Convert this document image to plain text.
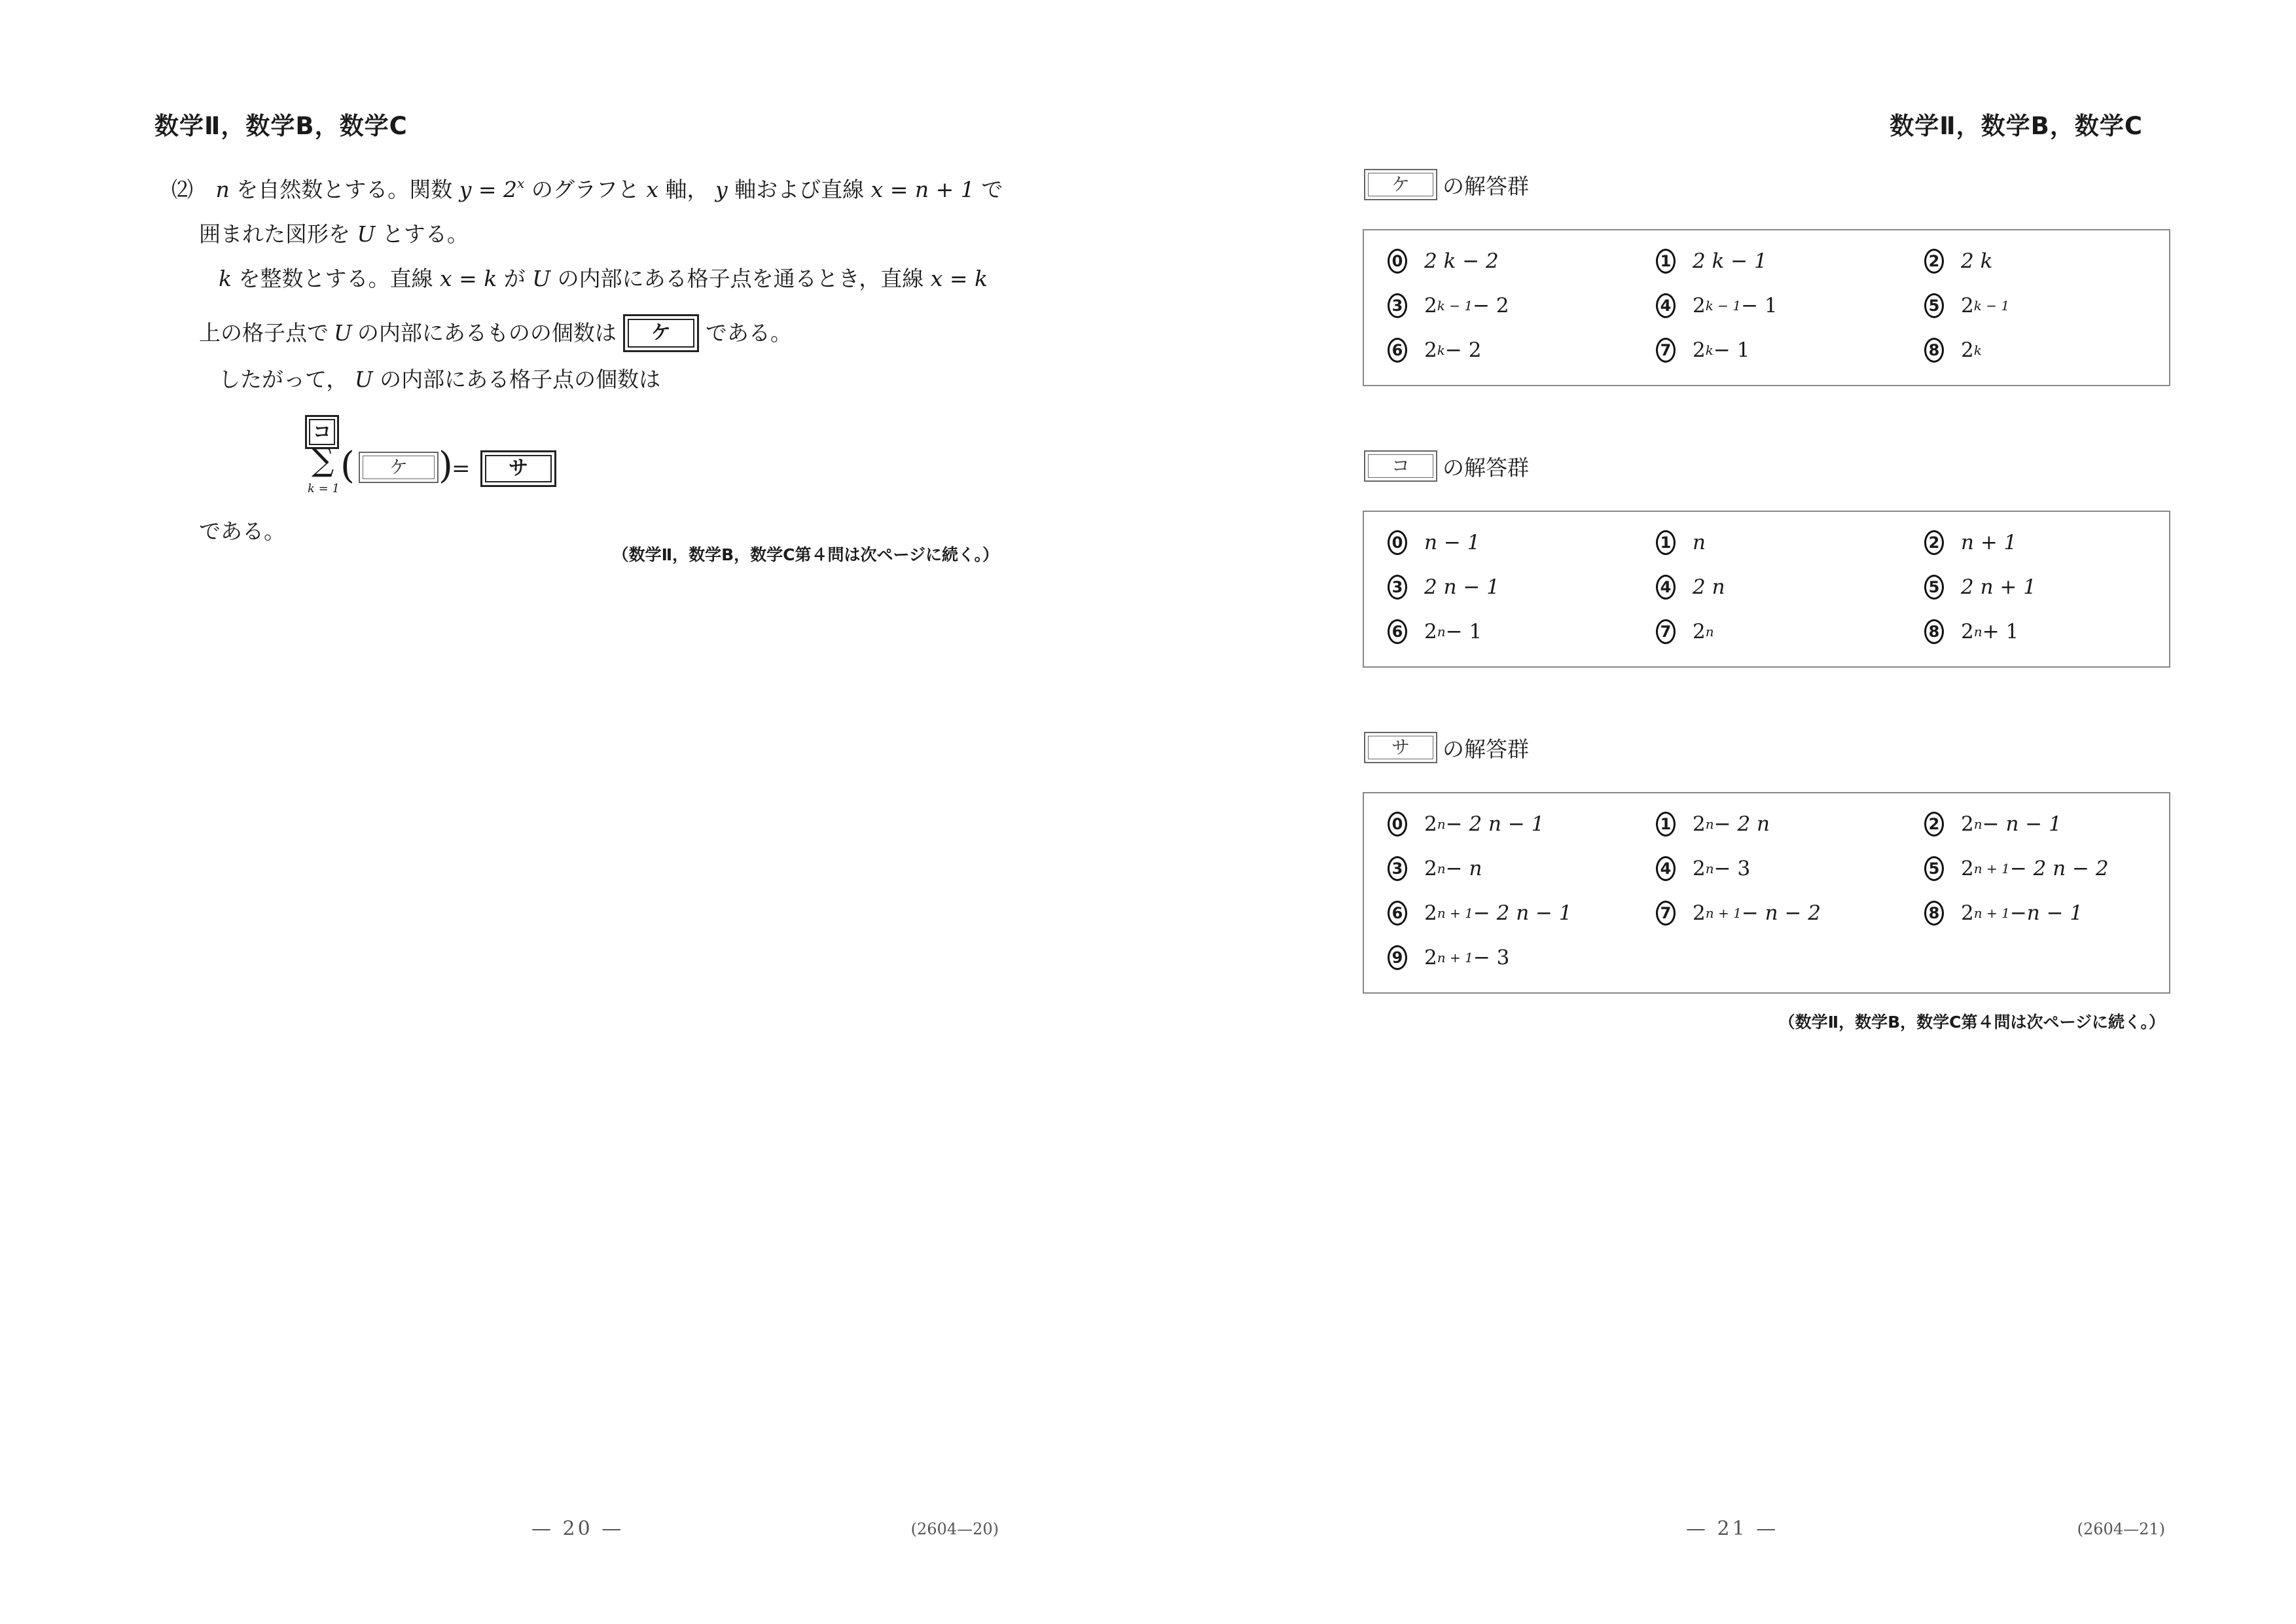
数学Ⅱ，数学B，数学C
⑵ n を自然数とする。関数 $y = 2^x$ のグラフと x 軸， y 軸および直線 x = n + 1 で
囲まれた図形を U とする。
k を整数とする。直線 x = k が U の内部にある格子点を通るとき，直線 x = k
上の格子点で U の内部にあるものの個数は	ケ	である。
したがって， U の内部にある格子点の個数は
コ
∑
k = 1
(	ケ )
=	サ
である。
（数学Ⅱ，数学B，数学C第４問は次ページに続く。）
— 20 —	(2604—20)
数学Ⅱ，数学B，数学C
ケ	の解答群
0 2 k − 2	1 2 k − 1	2 2 k
3 2 k − 1 − 2	4 2 k − 1 − 1	5 2 k − 1
6 2 k − 2	7 2 k − 1	8 2 k
コ	の解答群
0 n − 1	1 n	2 n + 1
3 2 n − 1	4 2 n	5 2 n + 1
6 2 n − 1	7 2 n	8 2 n + 1
サ	の解答群
0 2 n − 2 n − 1	1 2 n − 2 n	2 2 n − n − 1
3 2 n − n	4 2 n − 3	5 2 n + 1 − 2 n − 2
6 2 n + 1 − 2 n − 1	7 2 n + 1 − n − 2	8 2 n + 1 −n − 1
9 2 n + 1 − 3
（数学Ⅱ，数学B，数学C第４問は次ページに続く。）
— 21 —	(2604—21)
